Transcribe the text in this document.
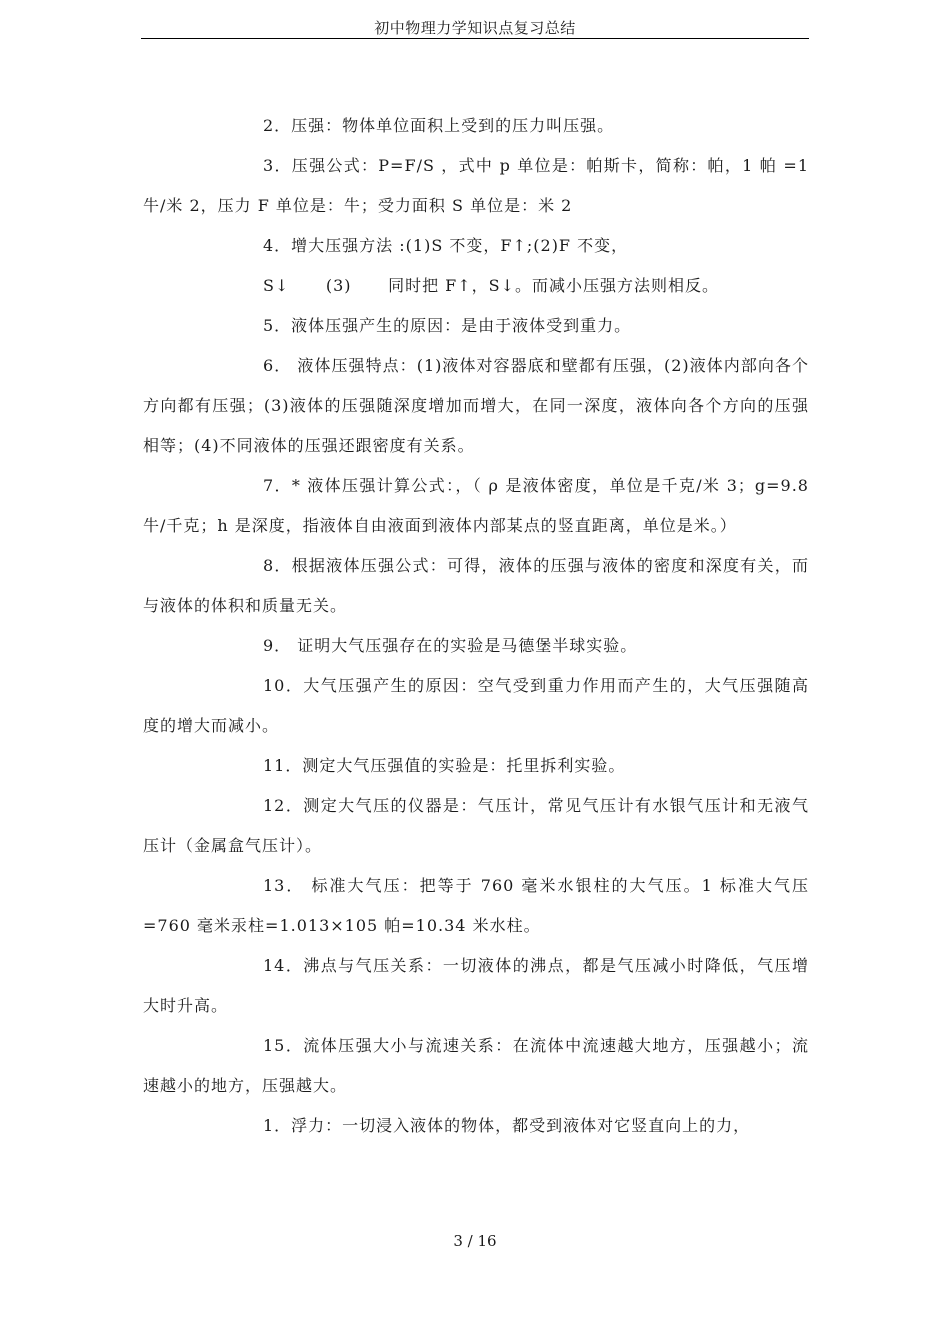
初中物理力学知识点复习总结

2．压强：物体单位面积上受到的压力叫压强。

3．压强公式：P=F/S ，式中 p 单位是：帕斯卡，简称：帕，1 帕 =1 牛/米 2，压力 F 单位是：牛；受力面积 S 单位是：米 2

4．增大压强方法 :(1)S 不变，F↑;(2)F 不变，

S↓      (3)      同时把 F↑，S↓。而减小压强方法则相反。

5．液体压强产生的原因：是由于液体受到重力。

6． 液体压强特点：(1)液体对容器底和壁都有压强，(2)液体内部向各个方向都有压强；(3)液体的压强随深度增加而增大，在同一深度，液体向各个方向的压强相等；(4)不同液体的压强还跟密度有关系。

7．* 液体压强计算公式：，（ ρ 是液体密度，单位是千克/米 3；g=9.8 牛/千克；h 是深度，指液体自由液面到液体内部某点的竖直距离，单位是米。）

8．根据液体压强公式：可得，液体的压强与液体的密度和深度有关，而与液体的体积和质量无关。

9． 证明大气压强存在的实验是马德堡半球实验。

10．大气压强产生的原因：空气受到重力作用而产生的，大气压强随高度的增大而减小。

11．测定大气压强值的实验是：托里拆利实验。

12．测定大气压的仪器是：气压计，常见气压计有水银气压计和无液气压计（金属盒气压计）。

13． 标准大气压：把等于 760 毫米水银柱的大气压。1 标准大气压=760 毫米汞柱=1.013×105 帕=10.34 米水柱。

14．沸点与气压关系：一切液体的沸点，都是气压减小时降低，气压增大时升高。

15．流体压强大小与流速关系：在流体中流速越大地方，压强越小；流速越小的地方，压强越大。

1．浮力：一切浸入液体的物体，都受到液体对它竖直向上的力，

3 / 16
